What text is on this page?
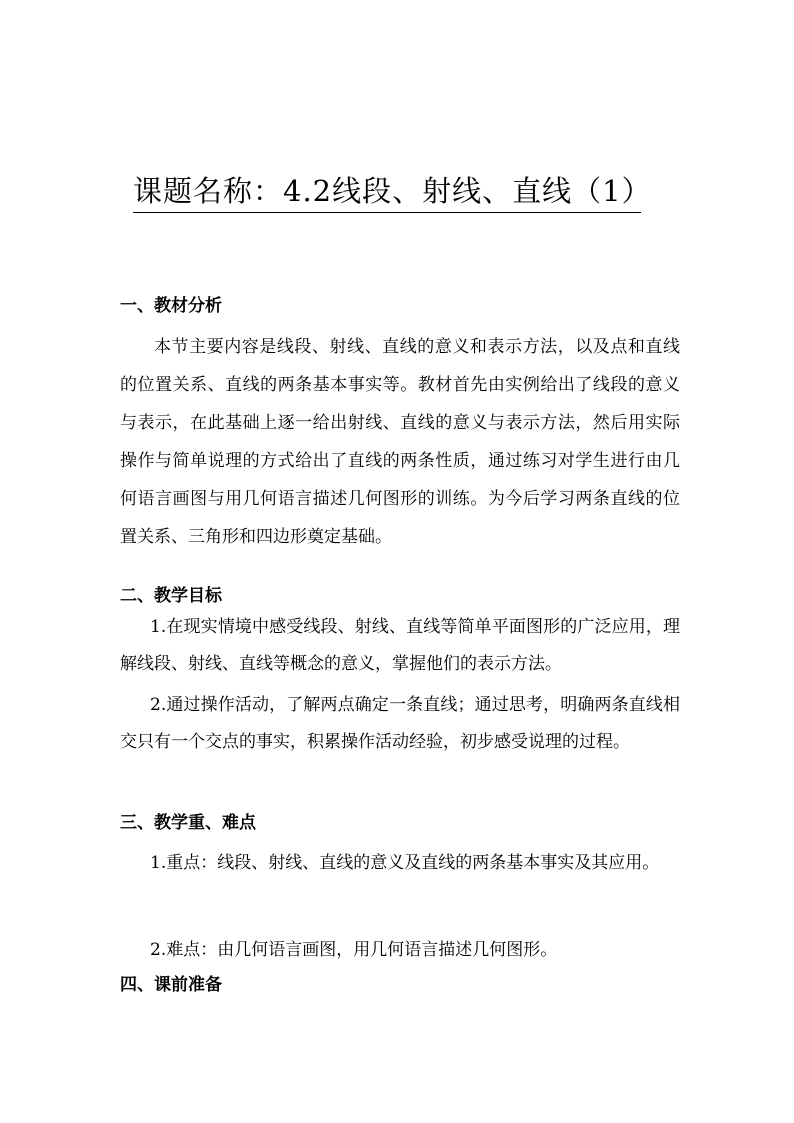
课题名称：4.2线段、射线、直线（1）
一、教材分析
本节主要内容是线段、射线、直线的意义和表示方法，以及点和直线的位置关系、直线的两条基本事实等。教材首先由实例给出了线段的意义与表示，在此基础上逐一给出射线、直线的意义与表示方法，然后用实际操作与简单说理的方式给出了直线的两条性质，通过练习对学生进行由几何语言画图与用几何语言描述几何图形的训练。为今后学习两条直线的位置关系、三角形和四边形奠定基础。
二、教学目标
1.在现实情境中感受线段、射线、直线等简单平面图形的广泛应用，理解线段、射线、直线等概念的意义，掌握他们的表示方法。
2.通过操作活动，了解两点确定一条直线；通过思考，明确两条直线相交只有一个交点的事实，积累操作活动经验，初步感受说理的过程。
三、教学重、难点
1.重点：线段、射线、直线的意义及直线的两条基本事实及其应用。
2.难点：由几何语言画图，用几何语言描述几何图形。
四、课前准备
